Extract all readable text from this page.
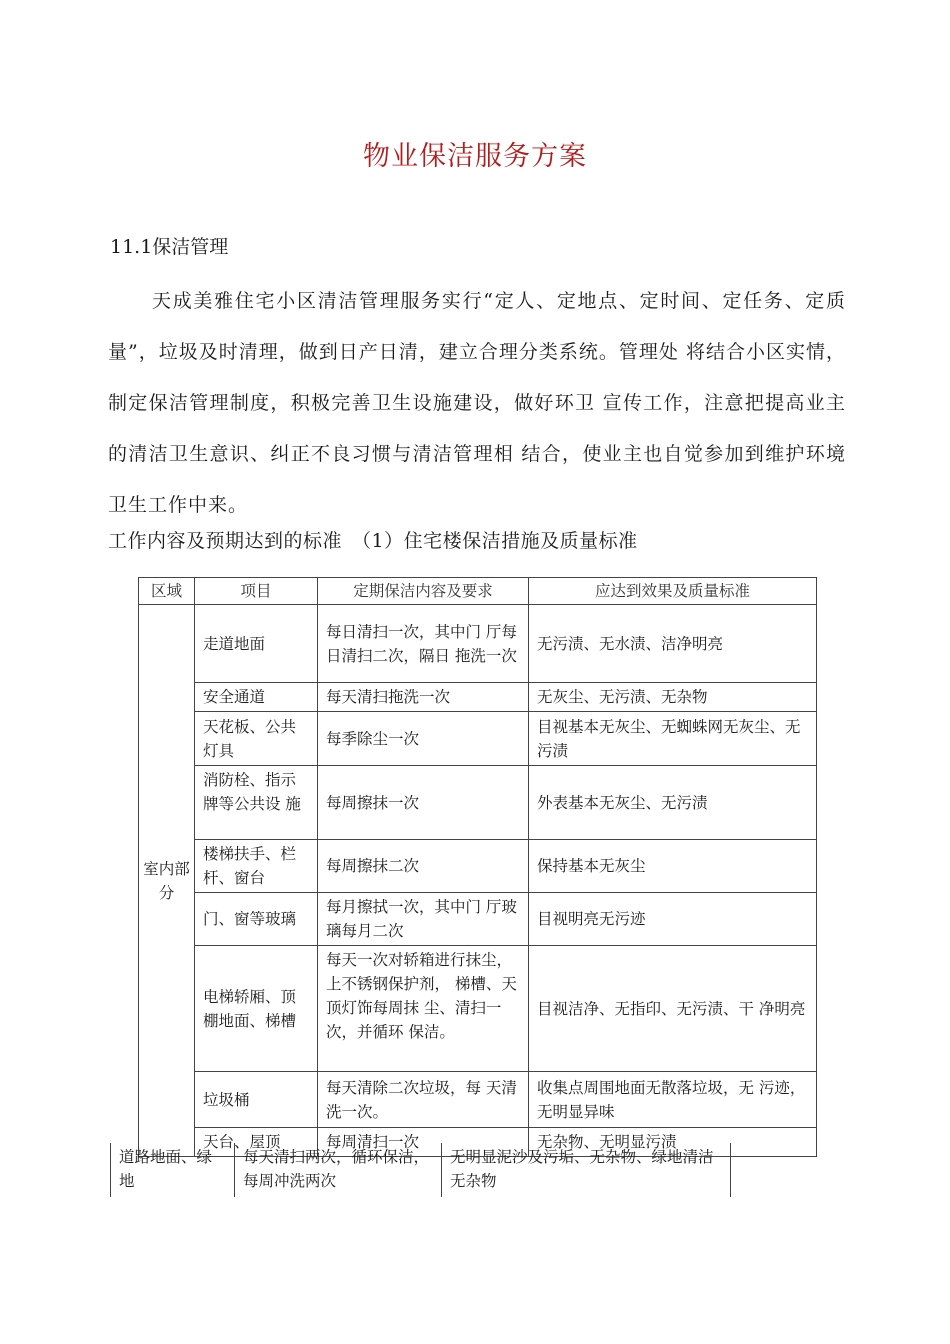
物业保洁服务方案
11.1保洁管理
天成美雅住宅小区清洁管理服务实行“定人、定地点、定时间、定任务、定质量”，垃圾及时清理，做到日产日清，建立合理分类系统。管理处 将结合小区实情，制定保洁管理制度，积极完善卫生设施建设，做好环卫 宣传工作，注意把提高业主的清洁卫生意识、纠正不良习惯与清洁管理相 结合，使业主也自觉参加到维护环境卫生工作中来。
工作内容及预期达到的标准　（1）住宅楼保洁措施及质量标准
区域	项目	定期保洁内容及要求	应达到效果及质量标准
室内部分	走道地面	每日清扫一次，其中门 厅每日清扫二次，隔日 拖洗一次	无污渍、无水渍、洁净明亮
	安全通道	每天清扫拖洗一次	无灰尘、无污渍、无杂物
	天花板、公共灯具	每季除尘一次	目视基本无灰尘、无蜘蛛网无灰尘、无污渍
	消防栓、指示牌等公共设 施	每周擦抹一次	外表基本无灰尘、无污渍
	楼梯扶手、栏杆、窗台	每周擦抹二次	保持基本无灰尘
	门、窗等玻璃	每月擦拭一次，其中门 厅玻璃每月二次	目视明亮无污迹
	电梯轿厢、顶棚地面、梯槽	每天一次对轿箱进行抹尘，上不锈钢保护剂， 梯槽、天顶灯饰每周抹 尘、清扫一次，并循环 保洁。	目视洁净、无指印、无污渍、干 净明亮
	垃圾桶	每天清除二次垃圾，每 天清洗一次。	收集点周围地面无散落垃圾，无 污迹，无明显异味
	天台、屋顶	每周清扫一次	无杂物、无明显污渍
道路地面、绿地	每天清扫两次，循环保洁，每周冲洗两次	无明显泥沙及污垢、无杂物、绿地清洁无杂物
